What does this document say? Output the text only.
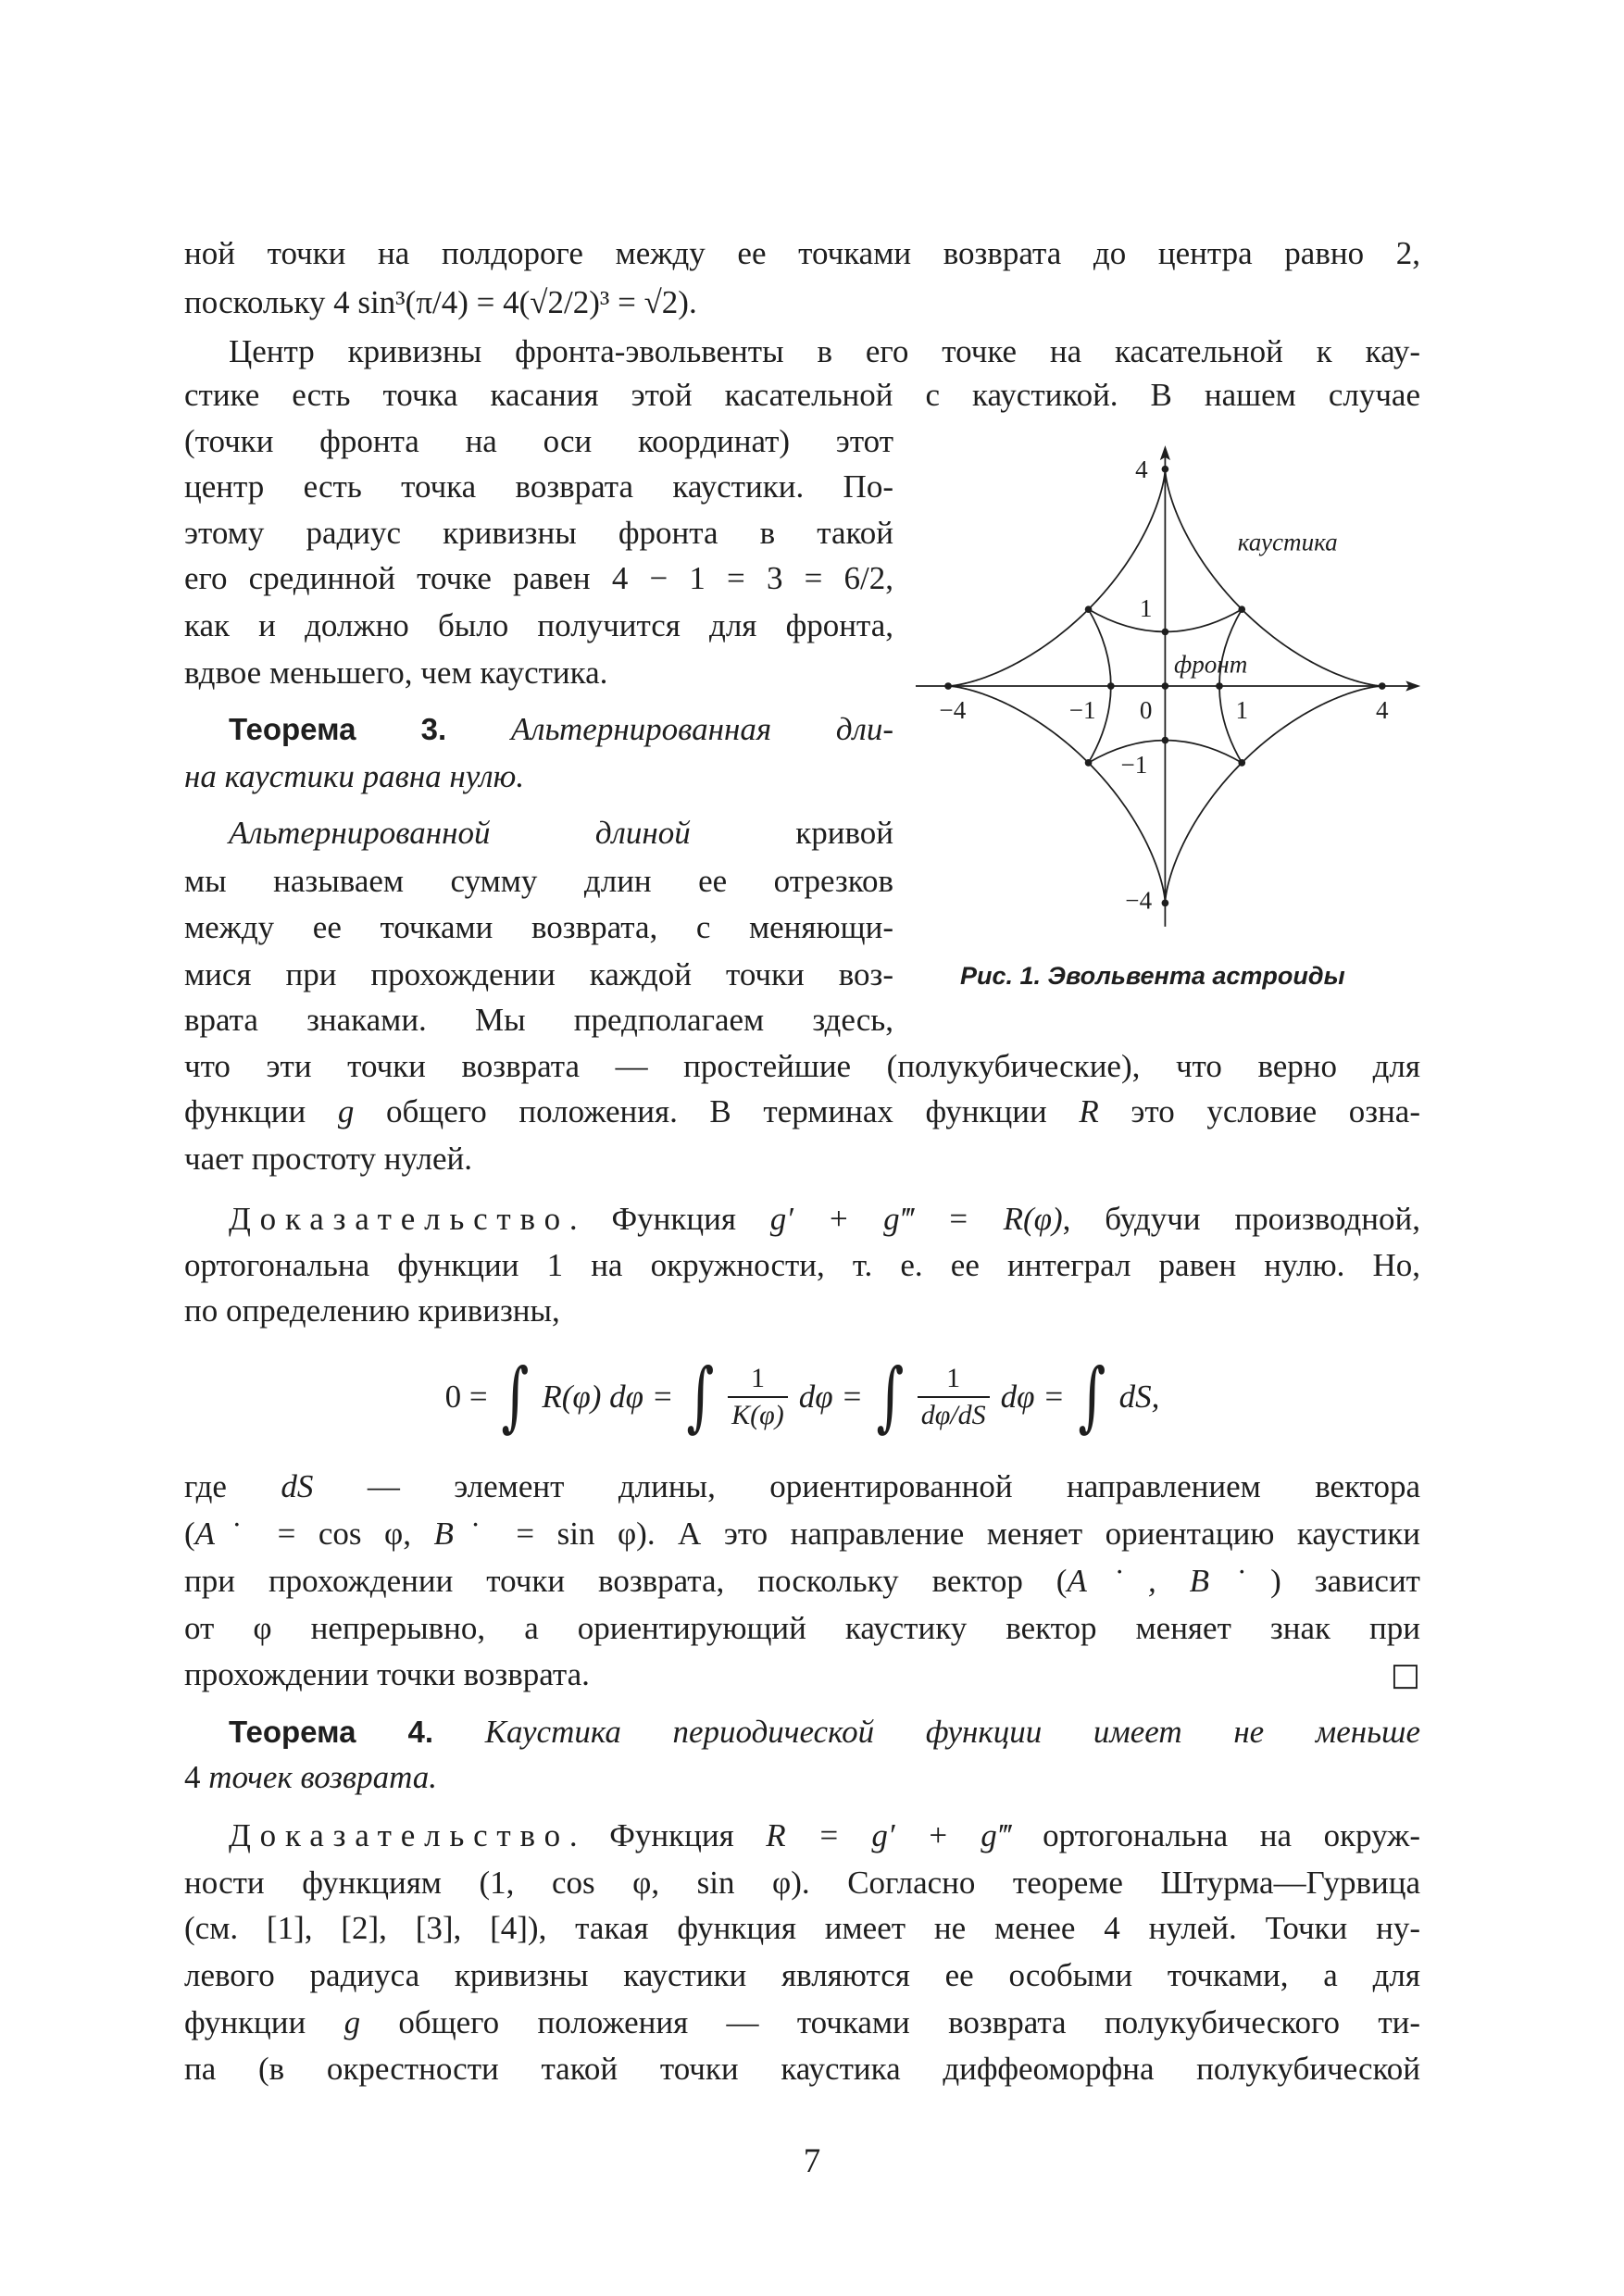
ной точки на полдороге между ее точками возврата до центра равно 2,
поскольку 4 sin³(π/4) = 4(√2/2)³ = √2).
Центр кривизны фронта-эвольвенты в его точке на касательной к кау-
стике есть точка касания этой касательной с каустикой. В нашем случае
(точки фронта на оси координат) этот
центр есть точка возврата каустики. По-
этому радиус кривизны фронта в такой
его срединной точке равен 4 − 1 = 3 = 6/2,
как и должно было получится для фронта,
вдвое меньшего, чем каустика.
Теорема 3. Альтернированная дли-
на каустики равна нулю.
Альтернированной длиной	кривой
мы называем сумму длин ее отрезков
между ее точками возврата, с меняющи-
мися при прохождении каждой точки воз-
врата знаками. Мы предполагаем здесь,
что эти точки возврата — простейшие (полукубические), что верно для
функции g общего положения. В терминах функции R это условие озна-
чает простоту нулей.
Доказательство. Функция g′ + g‴ = R(φ), будучи производной,
ортогональна функции 1 на окружности, т. е. ее интеграл равен нулю. Но,
по определению кривизны,
0 = ∫ R(φ) dφ = ∫ $\frac{1}{K(\varphi)}$ dφ = ∫ $\frac{1}{d\varphi/dS}$ dφ = ∫ dS,
где dS — элемент длины, ориентированной направлением вектора
(A˙ = cos φ, B˙ = sin φ). А это направление меняет ориентацию каустики
при прохождении точки возврата, поскольку вектор (A˙, B˙) зависит
от φ непрерывно, а ориентирующий каустику вектор меняет знак при
прохождении точки возврата.	□
Теорема 4. Каустика периодической функции имеет не меньше
4 точек возврата.
Доказательство. Функция R = g′ + g‴ ортогональна на окруж-
ности функциям (1, cos φ, sin φ). Согласно теореме Штурма—Гурвица
(см. [1], [2], [3], [4]), такая функция имеет не менее 4 нулей. Точки ну-
левого радиуса кривизны каустики являются ее особыми точками, а для
функции g общего положения — точками возврата полукубического ти-
па (в окрестности такой точки каустика диффеоморфна полукубической
4
каустика
1
фронт
−4	−1	0	1	4
−1
−4
Рис. 1. Эвольвента астроиды
7
